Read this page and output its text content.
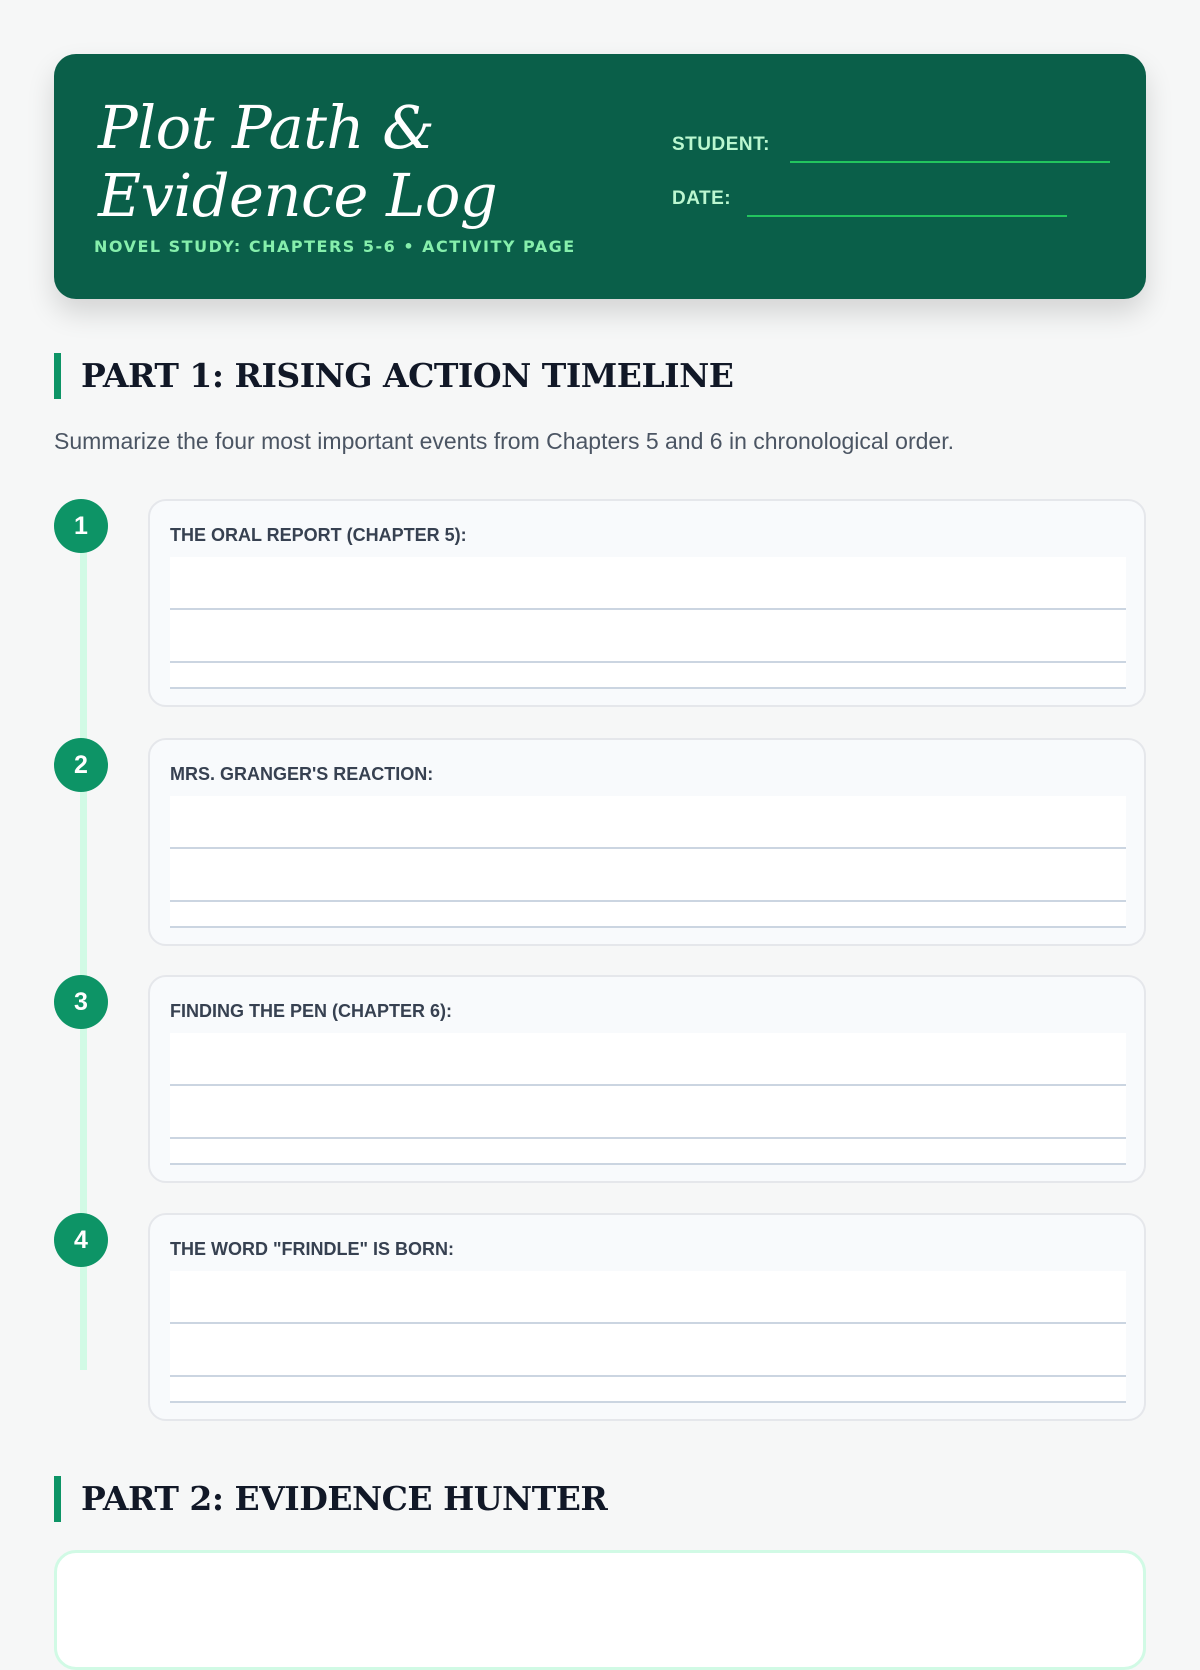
Plot Path & Evidence Log
NOVEL STUDY: CHAPTERS 5-6 • ACTIVITY PAGE
STUDENT:
DATE:
PART 1: RISING ACTION TIMELINE
Summarize the four most important events from Chapters 5 and 6 in chronological order.
1	THE ORAL REPORT (CHAPTER 5):
2	MRS. GRANGER'S REACTION:
3	FINDING THE PEN (CHAPTER 6):
4	THE WORD "FRINDLE" IS BORN:
PART 2: EVIDENCE HUNTER
